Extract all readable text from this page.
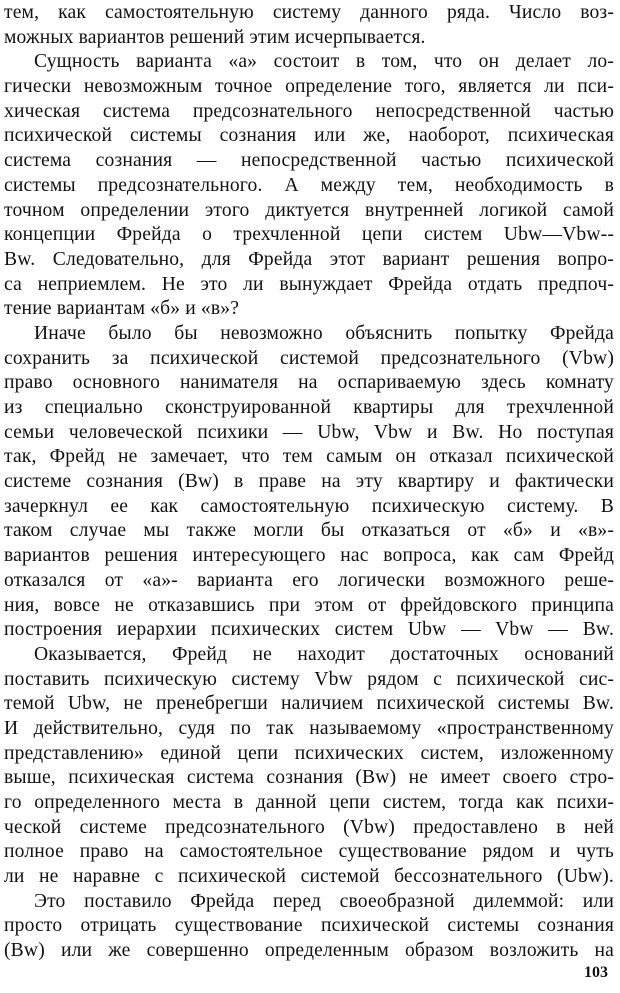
тем, как самостоятельную систему данного ряда. Число воз-
можных вариантов решений этим исчерпывается.
Сущность варианта «а» состоит в том, что он делает ло-
гически невозможным точное определение того, является ли пси-
хическая система предсознательного непосредственной частью
психической системы сознания или же, наоборот, психическая
система сознания — непосредственной частью психической
системы предсознательного. А между тем, необходимость в
точном определении этого диктуется внутренней логикой самой
концепции Фрейда о трехчленной цепи систем Ubw—Vbw--
Bw. Следовательно, для Фрейда этот вариант решения вопро-
са неприемлем. Не это ли вынуждает Фрейда отдать предпоч-
тение вариантам «б» и «в»?
Иначе было бы невозможно объяснить попытку Фрейда
сохранить за психической системой предсознательного (Vbw)
право основного нанимателя на оспариваемую здесь комнату
из специально сконструированной квартиры для трехчленной
семьи человеческой психики — Ubw, Vbw и Bw. Но поступая
так, Фрейд не замечает, что тем самым он отказал психической
системе сознания (Bw) в праве на эту квартиру и фактически
зачеркнул ее как самостоятельную психическую систему. В
таком случае мы также могли бы отказаться от «б» и «в»-
вариантов решения интересующего нас вопроса, как сам Фрейд
отказался от «а»- варианта его логически возможного реше-
ния, вовсе не отказавшись при этом от фрейдовского принципа
построения иерархии психических систем Ubw — Vbw — Bw.
Оказывается, Фрейд не находит достаточных оснований
поставить психическую систему Vbw рядом с психической сис-
темой Ubw, не пренебрегши наличием психической системы Bw.
И действительно, судя по так называемому «пространственному
представлению» единой цепи психических систем, изложенному
выше, психическая система сознания (Bw) не имеет своего стро-
го определенного места в данной цепи систем, тогда как психи-
ческой системе предсознательного (Vbw) предоставлено в ней
полное право на самостоятельное существование рядом и чуть
ли не наравне с психической системой бессознательного (Ubw).
Это поставило Фрейда перед своеобразной дилеммой: или
просто отрицать существование психической системы сознания
(Bw) или же совершенно определенным образом возложить на
103
